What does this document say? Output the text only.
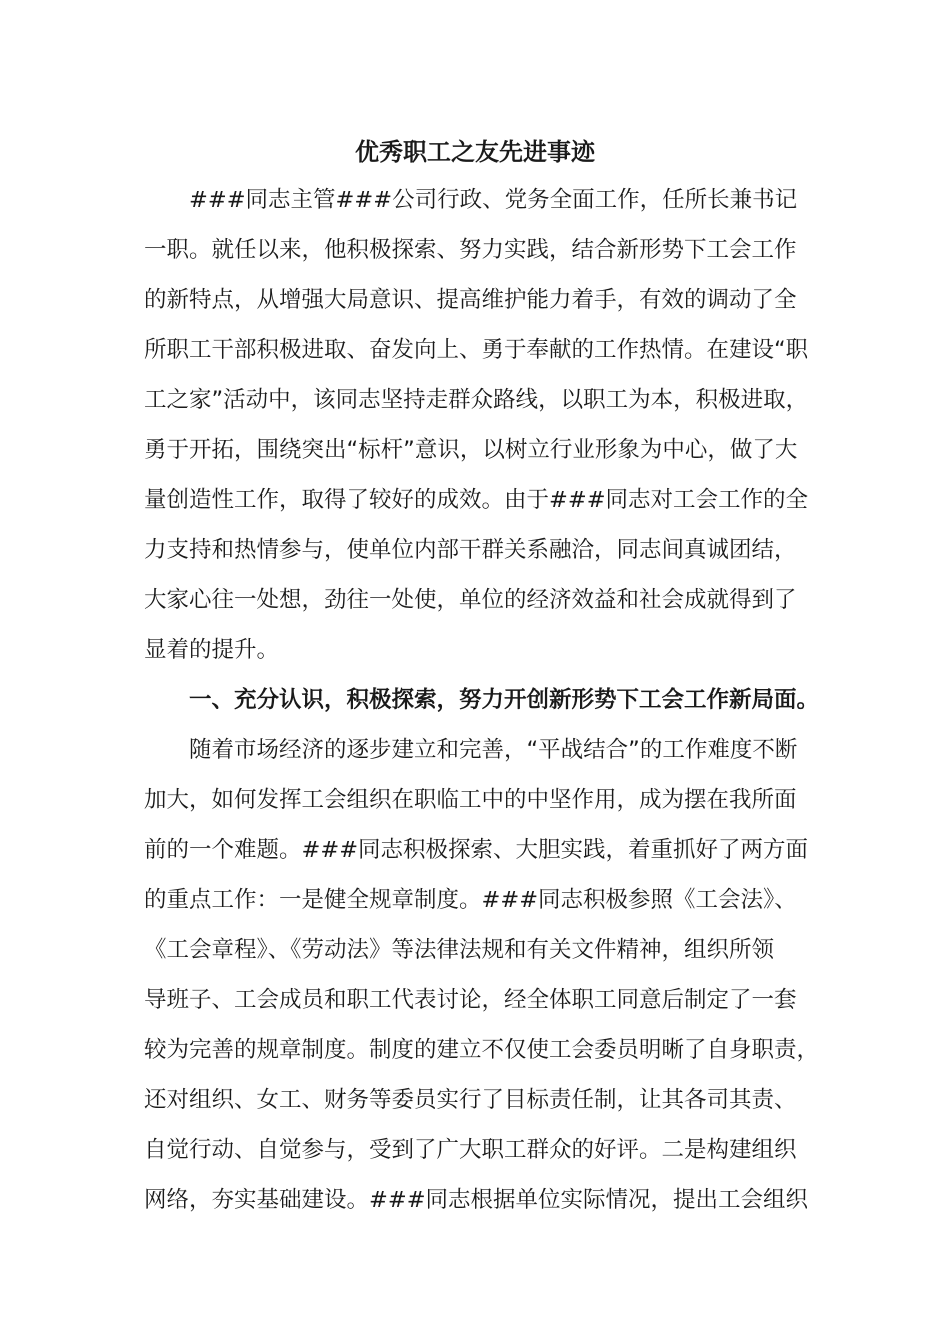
优秀职工之友先进事迹
　　###同志主管###公司行政、党务全面工作，任所长兼书记
一职。就任以来，他积极探索、努力实践，结合新形势下工会工作
的新特点，从增强大局意识、提高维护能力着手，有效的调动了全
所职工干部积极进取、奋发向上、勇于奉献的工作热情。在建设“职
工之家”活动中，该同志坚持走群众路线，以职工为本，积极进取，
勇于开拓，围绕突出“标杆”意识，以树立行业形象为中心，做了大
量创造性工作，取得了较好的成效。由于###同志对工会工作的全
力支持和热情参与，使单位内部干群关系融洽，同志间真诚团结，
大家心往一处想，劲往一处使，单位的经济效益和社会成就得到了
显着的提升。
　　一、充分认识，积极探索，努力开创新形势下工会工作新局面。
　　随着市场经济的逐步建立和完善，“平战结合”的工作难度不断
加大，如何发挥工会组织在职临工中的中坚作用，成为摆在我所面
前的一个难题。###同志积极探索、大胆实践，着重抓好了两方面
的重点工作：一是健全规章制度。###同志积极参照《工会法》、
《工会章程》、《劳动法》等法律法规和有关文件精神，组织所领
导班子、工会成员和职工代表讨论，经全体职工同意后制定了一套
较为完善的规章制度。制度的建立不仅使工会委员明晰了自身职责，
还对组织、女工、财务等委员实行了目标责任制，让其各司其责、
自觉行动、自觉参与，受到了广大职工群众的好评。二是构建组织
网络，夯实基础建设。###同志根据单位实际情况，提出工会组织
